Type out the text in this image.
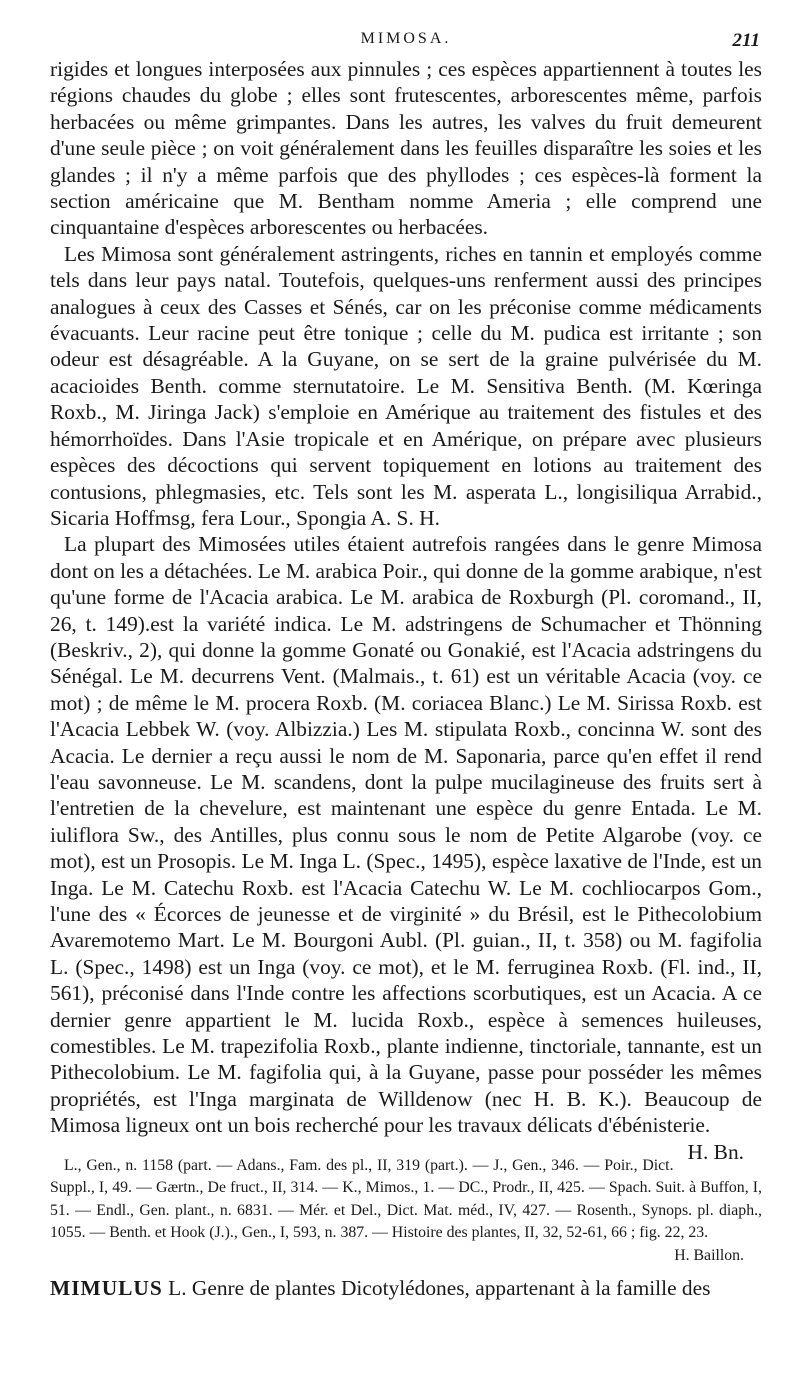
MIMOSA.	211

rigides et longues interposées aux pinnules ; ces espèces appartiennent à toutes les régions chaudes du globe ; elles sont frutescentes, arborescentes même, parfois herbacées ou même grimpantes. Dans les autres, les valves du fruit demeurent d'une seule pièce ; on voit généralement dans les feuilles disparaître les soies et les glandes ; il n'y a même parfois que des phyllodes ; ces espèces-là forment la section américaine que M. Bentham nomme Ameria ; elle comprend une cinquantaine d'espèces arborescentes ou herbacées.

Les Mimosa sont généralement astringents, riches en tannin et employés comme tels dans leur pays natal. Toutefois, quelques-uns renferment aussi des principes analogues à ceux des Casses et Sénés, car on les préconise comme médicaments évacuants. Leur racine peut être tonique ; celle du M. pudica est irritante ; son odeur est désagréable. A la Guyane, on se sert de la graine pulvérisée du M. acacioides Benth. comme sternutatoire. Le M. Sensitiva Benth. (M. Kœringa Roxb., M. Jiringa Jack) s'emploie en Amérique au traitement des fistules et des hémorrhoïdes. Dans l'Asie tropicale et en Amérique, on prépare avec plusieurs espèces des décoctions qui servent topiquement en lotions au traitement des contusions, phlegmasies, etc. Tels sont les M. asperata L., longisiliqua Arrabid., Sicaria Hoffmsg, fera Lour., Spongia A. S. H.

La plupart des Mimosées utiles étaient autrefois rangées dans le genre Mimosa dont on les a détachées. Le M. arabica Poir., qui donne de la gomme arabique, n'est qu'une forme de l'Acacia arabica. Le M. arabica de Roxburgh (Pl. coromand., II, 26, t. 149).est la variété indica. Le M. adstringens de Schumacher et Thönning (Beskriv., 2), qui donne la gomme Gonaté ou Gonakié, est l'Acacia adstringens du Sénégal. Le M. decurrens Vent. (Malmais., t. 61) est un véritable Acacia (voy. ce mot) ; de même le M. procera Roxb. (M. coriacea Blanc.) Le M. Sirissa Roxb. est l'Acacia Lebbek W. (voy. Albizzia.) Les M. stipulata Roxb., concinna W. sont des Acacia. Le dernier a reçu aussi le nom de M. Saponaria, parce qu'en effet il rend l'eau savonneuse. Le M. scandens, dont la pulpe mucilagineuse des fruits sert à l'entretien de la chevelure, est maintenant une espèce du genre Entada. Le M. iuliflora Sw., des Antilles, plus connu sous le nom de Petite Algarobe (voy. ce mot), est un Prosopis. Le M. Inga L. (Spec., 1495), espèce laxative de l'Inde, est un Inga. Le M. Catechu Roxb. est l'Acacia Catechu W. Le M. cochliocarpos Gom., l'une des « Écorces de jeunesse et de virginité » du Brésil, est le Pithecolobium Avaremotemo Mart. Le M. Bourgoni Aubl. (Pl. guian., II, t. 358) ou M. fagifolia L. (Spec., 1498) est un Inga (voy. ce mot), et le M. ferruginea Roxb. (Fl. ind., II, 561), préconisé dans l'Inde contre les affections scorbutiques, est un Acacia. A ce dernier genre appartient le M. lucida Roxb., espèce à semences huileuses, comestibles. Le M. trapezifolia Roxb., plante indienne, tinctoriale, tannante, est un Pithecolobium. Le M. fagifolia qui, à la Guyane, passe pour posséder les mêmes propriétés, est l'Inga marginata de Willdenow (nec H. B. K.). Beaucoup de Mimosa ligneux ont un bois recherché pour les travaux délicats d'ébénisterie.
H. Bn.

L., Gen., n. 1158 (part. — Adans., Fam. des pl., II, 319 (part.). — J., Gen., 346. — Poir., Dict. Suppl., I, 49. — Gærtn., De fruct., II, 314. — K., Mimos., 1. — DC., Prodr., II, 425. — Spach. Suit. à Buffon, I, 51. — Endl., Gen. plant., n. 6831. — Mér. et Del., Dict. Mat. méd., IV, 427. — Rosenth., Synops. pl. diaph., 1055. — Benth. et Hook (J.)., Gen., I, 593, n. 387. — Histoire des plantes, II, 32, 52-61, 66 ; fig. 22, 23.
H. Baillon.
MIMULUS L. Genre de plantes Dicotylédones, appartenant à la famille des
